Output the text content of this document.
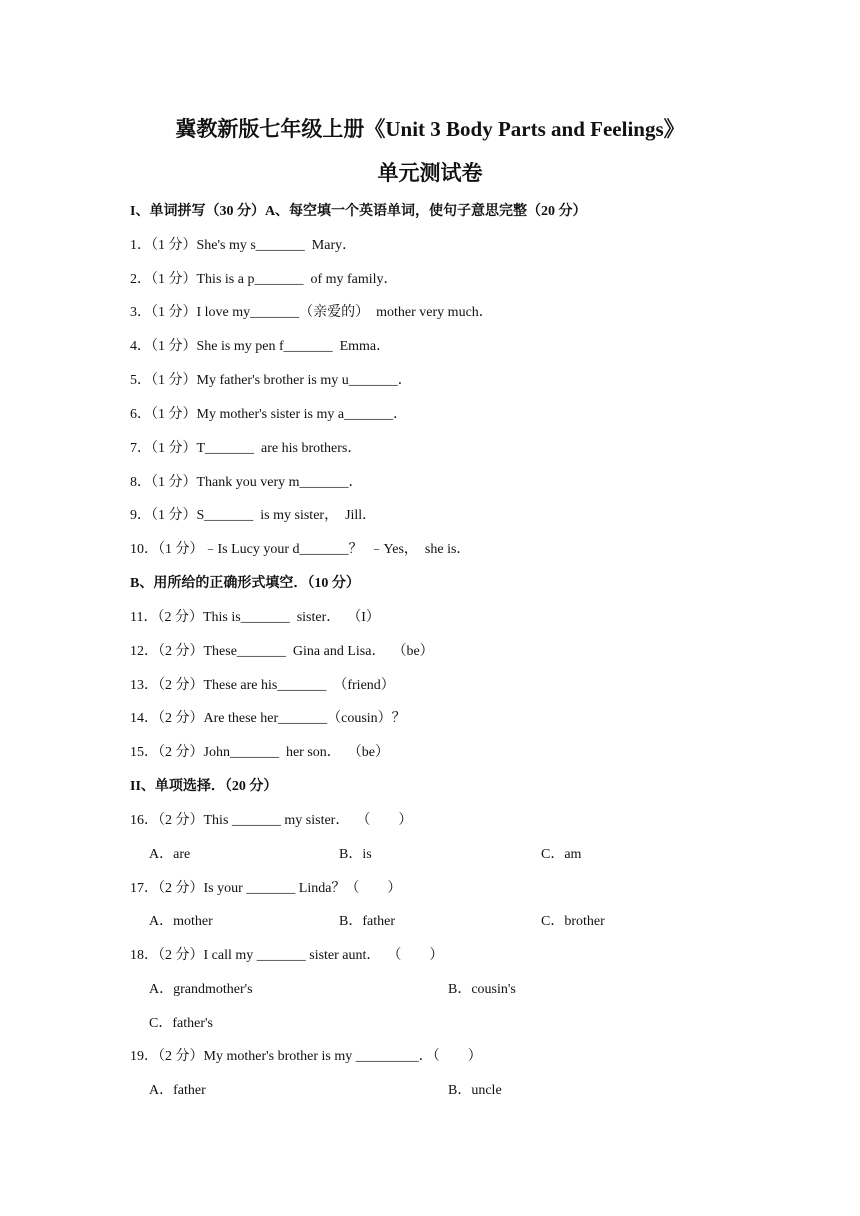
冀教新版七年级上册《Unit 3 Body Parts and Feelings》
单元测试卷
I、单词拼写（30 分）A、每空填一个英语单词，使句子意思完整（20 分）
1．（1 分）She's my s_______  Mary．
2．（1 分）This is a p_______  of my family．
3．（1 分）I love my_______（亲爱的）  mother very much．
4．（1 分）She is my pen f_______  Emma．
5．（1 分）My father's brother is my u_______．
6．（1 分）My mother's sister is my a_______．
7．（1 分）T_______  are his brothers．
8．（1 分）Thank you very m_______．
9．（1 分）S_______  is my sister，  Jill．
10．（1 分）﹣Is Lucy your d_______？  ﹣Yes，  she is．
B、用所给的正确形式填空．（10 分）
11．（2 分）This is_______  sister．  （I）
12．（2 分）These_______  Gina and Lisa．  （be）
13．（2 分）These are his_______  （friend）
14．（2 分）Are these her_______（cousin）？
15．（2 分）John_______  her son．  （be）
II、单项选择．（20 分）
16．（2 分）This _______ my sister．  （　　）
A．are	B．is	C．am
17．（2 分）Is your _______ Linda？（　　）
A．mother	B．father	C．brother
18．（2 分）I call my _______ sister aunt．  （　　）
A．grandmother's	B．cousin's
C．father's
19．（2 分）My mother's brother is my _________．（　　）
A．father	B．uncle
